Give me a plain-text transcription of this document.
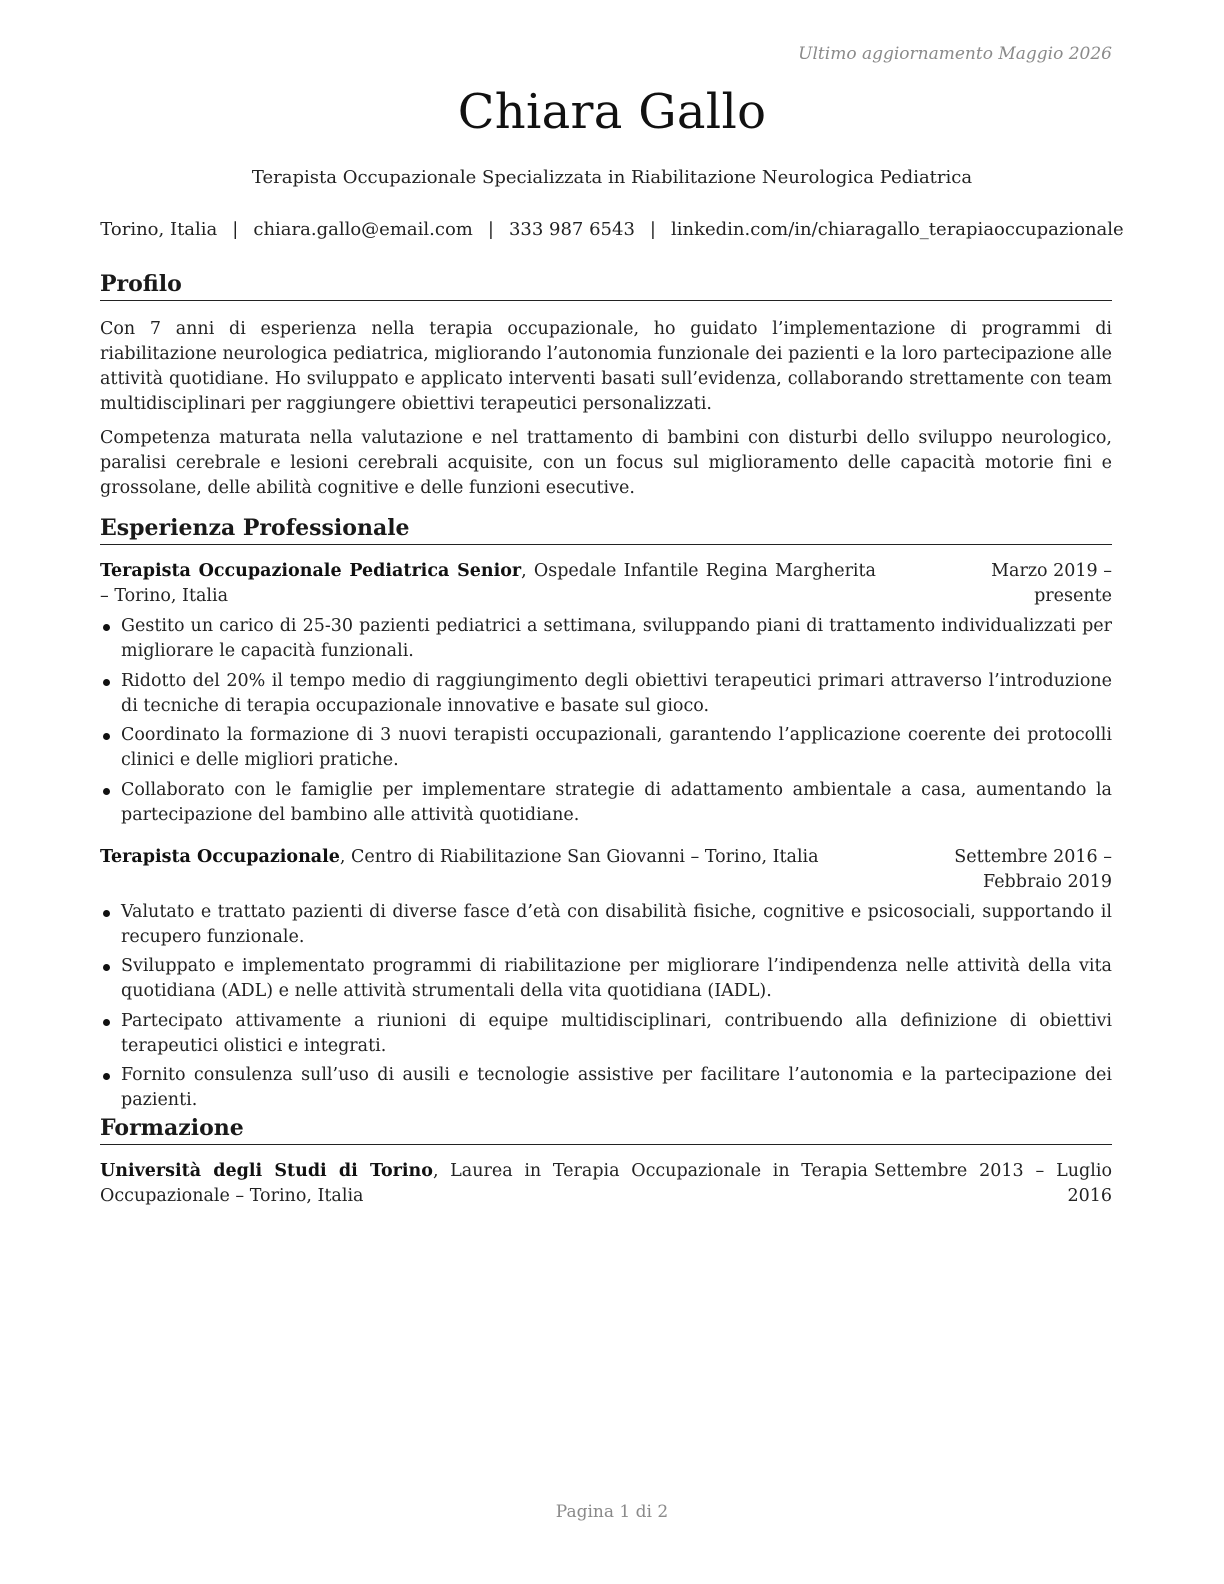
Ultimo aggiornamento Maggio 2026
Chiara Gallo
Terapista Occupazionale Specializzata in Riabilitazione Neurologica Pediatrica
Torino, Italia | chiara.gallo@email.com | 333 987 6543 | linkedin.com/in/chiaragallo_terapiaoccupazionale
Profilo

Con 7 anni di esperienza nella terapia occupazionale, ho guidato l’implementazione di programmi di riabilitazione neurologica pediatrica, migliorando l’autonomia funzionale dei pazienti e la loro partecipazione alle attività quotidiane. Ho sviluppato e applicato interventi basati sull’evidenza, collaborando strettamente con team multidisciplinari per raggiungere obiettivi terapeutici personalizzati.

Competenza maturata nella valutazione e nel trattamento di bambini con disturbi dello sviluppo neurologico, paralisi cerebrale e lesioni cerebrali acquisite, con un focus sul miglioramento delle capacità motorie fini e grossolane, delle abilità cognitive e delle funzioni esecutive.

Esperienza Professionale
Terapista Occupazionale Pediatrica Senior, Ospedale Infantile Regina Margherita – Torino, Italia
Marzo 2019 – presente
Gestito un carico di 25-30 pazienti pediatrici a settimana, sviluppando piani di trattamento individualizzati per migliorare le capacità funzionali.
Ridotto del 20% il tempo medio di raggiungimento degli obiettivi terapeutici primari attraverso l’introduzione di tecniche di terapia occupazionale innovative e basate sul gioco.
Coordinato la formazione di 3 nuovi terapisti occupazionali, garantendo l’applicazione coerente dei protocolli clinici e delle migliori pratiche.
Collaborato con le famiglie per implementare strategie di adattamento ambientale a casa, aumentando la partecipazione del bambino alle attività quotidiane.
Terapista Occupazionale, Centro di Riabilitazione San Giovanni – Torino, Italia	Settembre 2016 – Febbraio 2019
Valutato e trattato pazienti di diverse fasce d’età con disabilità fisiche, cognitive e psicosociali, supportando il recupero funzionale.
Sviluppato e implementato programmi di riabilitazione per migliorare l’indipendenza nelle attività della vita quotidiana (ADL) e nelle attività strumentali della vita quotidiana (IADL).
Partecipato attivamente a riunioni di equipe multidisciplinari, contribuendo alla definizione di obiettivi terapeutici olistici e integrati.
Fornito consulenza sull’uso di ausili e tecnologie assistive per facilitare l’autonomia e la partecipazione dei pazienti.
Formazione
Università degli Studi di Torino, Laurea in Terapia Occupazionale in Terapia Occupazionale – Torino, Italia
Settembre 2013 – Luglio 2016
Pagina 1 di 2
